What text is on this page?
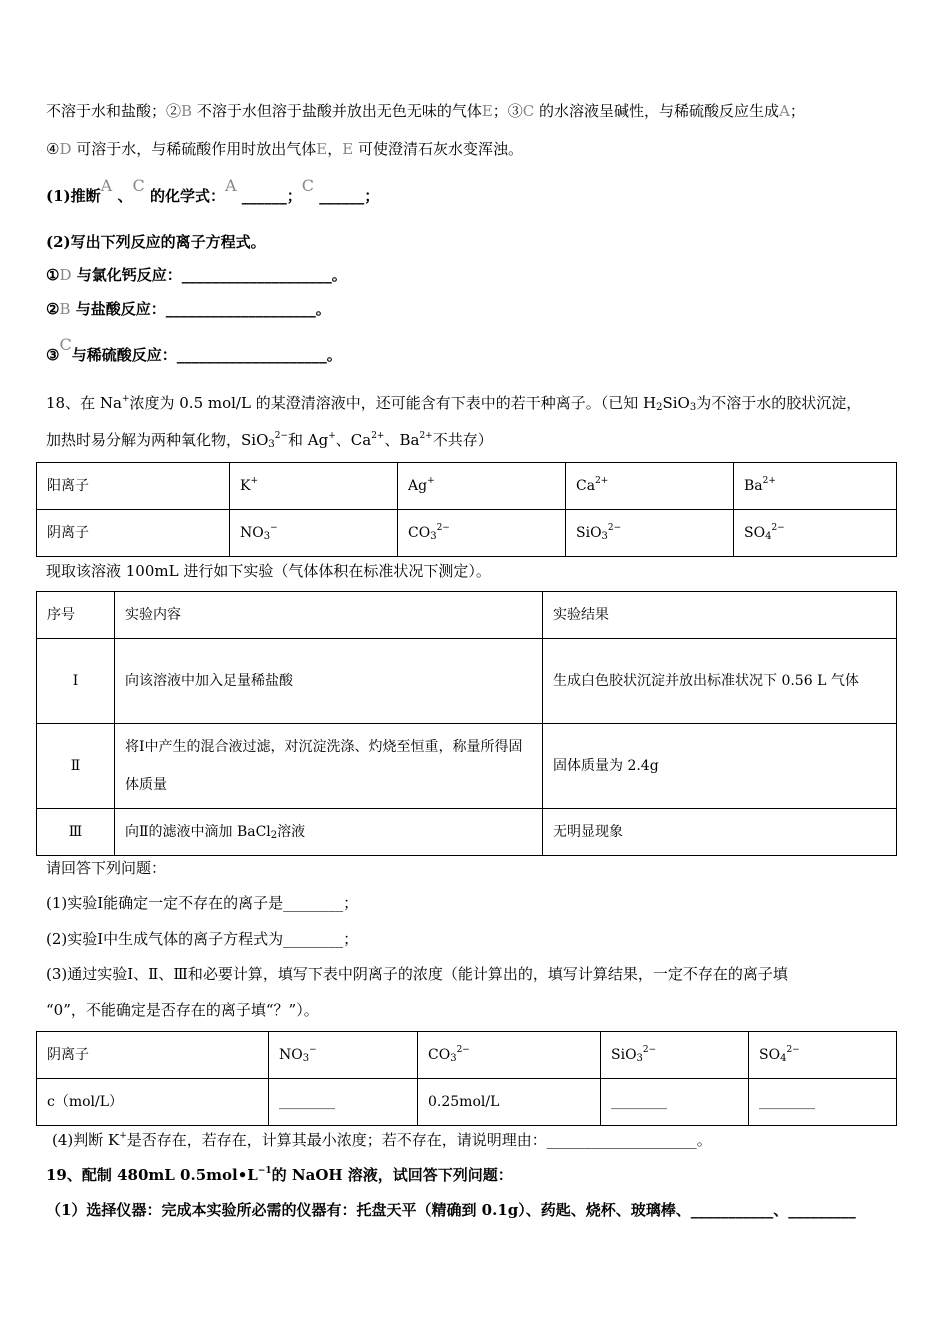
不溶于水和盐酸；②B 不溶于水但溶于盐酸并放出无色无味的气体E；③C 的水溶液呈碱性，与稀硫酸反应生成A；
④D 可溶于水，与稀硫酸作用时放出气体E，E 可使澄清石灰水变浑浊。
(1)推断A 、C 的化学式：A ______；C ______；
(2)写出下列反应的离子方程式。
①D 与氯化钙反应：____________________。
②B 与盐酸反应：____________________。
③C与稀硫酸反应：____________________。
18、在 Na+浓度为 0.5 mol/L 的某澄清溶液中，还可能含有下表中的若干种离子。（已知 $H_2SiO_3$为不溶于水的胶状沉淀，
加热时易分解为两种氧化物，SiO$_3^{2-}$和 Ag+、$Ca^{2+}$、$Ba^{2+}$不共存）
阳离子	K+	Ag+	$Ca^{2+}$	$Ba^{2+}$
阴离子	$NO_3^-$	$CO_3^{2-}$	SiO$_3^{2-}$	$SO_4^{2-}$
现取该溶液 100mL 进行如下实验（气体体积在标准状况下测定）。
序号	实验内容	实验结果
Ⅰ	向该溶液中加入足量稀盐酸	生成白色胶状沉淀并放出标准状况下 0.56 L 气体
Ⅱ	将Ⅰ中产生的混合液过滤，对沉淀洗涤、灼烧至恒重，称量所得固体质量	固体质量为 2.4g
Ⅲ	向Ⅱ的滤液中滴加 BaCl$_2$溶液	无明显现象
请回答下列问题：
(1)实验Ⅰ能确定一定不存在的离子是________；
(2)实验Ⅰ中生成气体的离子方程式为________；
(3)通过实验Ⅰ、Ⅱ、Ⅲ和必要计算，填写下表中阴离子的浓度（能计算出的，填写计算结果，一定不存在的离子填
“0”，不能确定是否存在的离子填“？”）。
阴离子	$NO_3^-$	$CO_3^{2-}$	SiO$_3^{2-}$	$SO_4^{2-}$
c（mol/L）	________	0.25mol/L	________	________
(4)判断 K+是否存在，若存在，计算其最小浓度；若不存在，请说明理由：____________________。
19、配制 480mL $0.5mol•L^{-1}$的 NaOH 溶液，试回答下列问题：
（1）选择仪器：完成本实验所必需的仪器有：托盘天平（精确到 0.1g）、药匙、烧杯、玻璃棒、___________、_________
